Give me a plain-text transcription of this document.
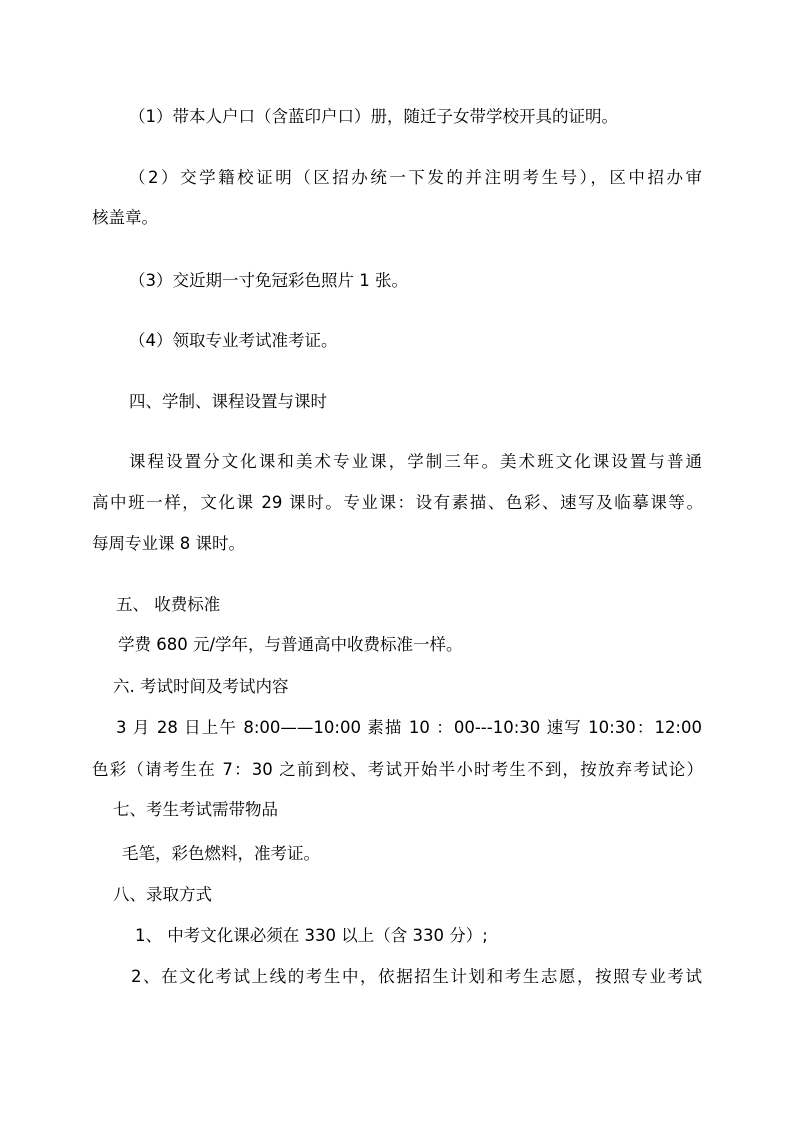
（1）带本人户口（含蓝印户口）册，随迁子女带学校开具的证明。
（2）交学籍校证明（区招办统一下发的并注明考生号），区中招办审
核盖章。
（3）交近期一寸免冠彩色照片 1 张。
（4）领取专业考试准考证。
四、学制、课程设置与课时
课程设置分文化课和美术专业课，学制三年。美术班文化课设置与普通
高中班一样，文化课 29 课时。专业课：设有素描、色彩、速写及临摹课等。
每周专业课 8 课时。
五、 收费标准
学费 680 元/学年，与普通高中收费标准一样。
六. 考试时间及考试内容
3 月 28 日上午 8:00——10:00 素描 10 ：00---10:30 速写 10:30：12:00
色彩（请考生在 7：30 之前到校、考试开始半小时考生不到，按放弃考试论）
七、考生考试需带物品
毛笔，彩色燃料，准考证。
八、录取方式
1、 中考文化课必须在 330 以上（含 330 分）;
2、在文化考试上线的考生中，依据招生计划和考生志愿，按照专业考试
